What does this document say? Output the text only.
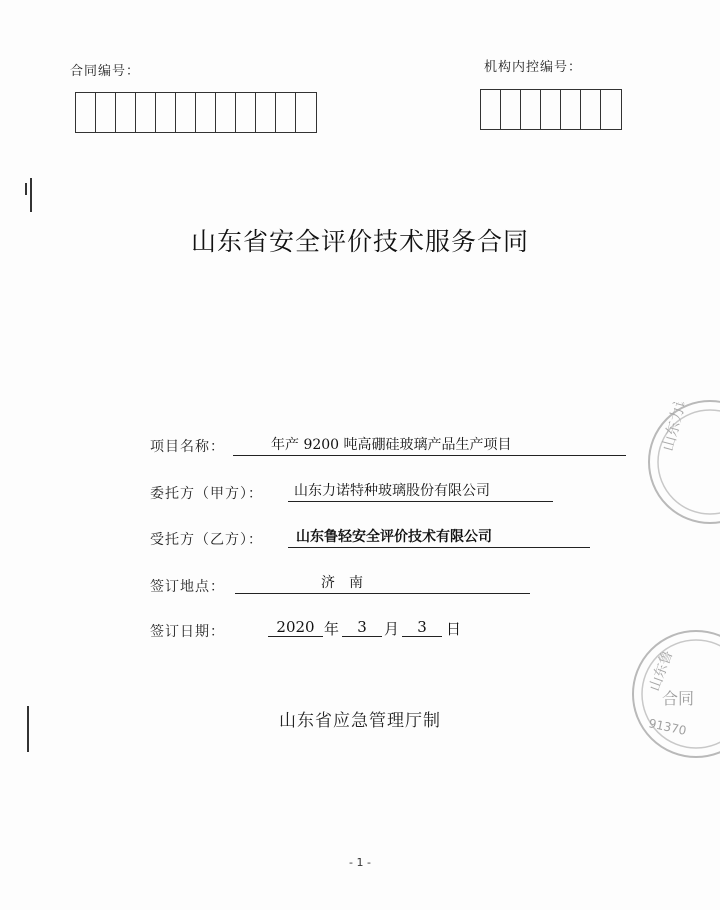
合同编号：	机构内控编号：
山东省安全评价技术服务合同
项目名称：	年产 9200 吨高硼硅玻璃产品生产项目
委托方（甲方）：	山东力诺特种玻璃股份有限公司
受托方（乙方）：	山东鲁轻安全评价技术有限公司
签订地点：	济　南
签订日期：	2020 年	3	月	3	日
山东省应急管理厅制
- 1 -
山东力诺特
山东鲁
合同
91370
